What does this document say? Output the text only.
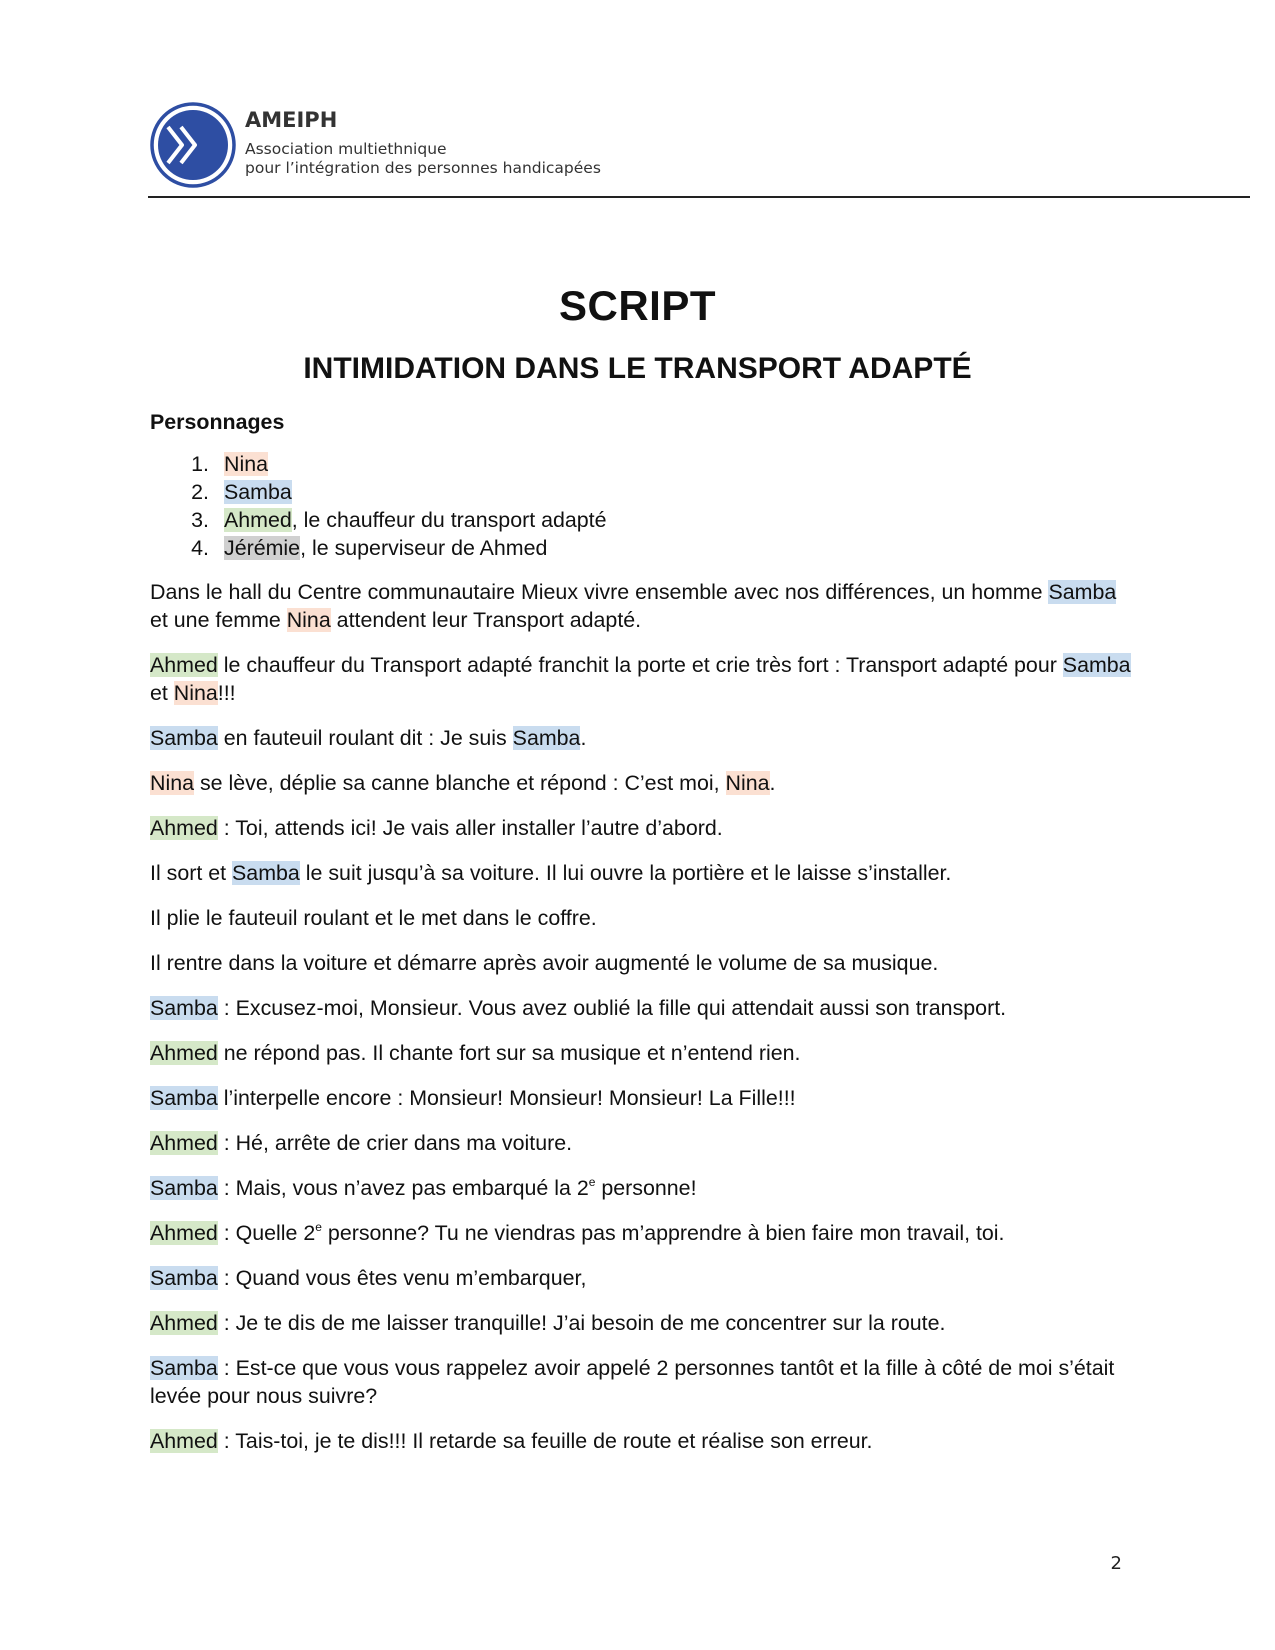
AMEIPH
Association multiethnique
pour l’intégration des personnes handicapées
SCRIPT
INTIMIDATION DANS LE TRANSPORT ADAPTÉ
Personnages
1. Nina
2. Samba
3. Ahmed, le chauffeur du transport adapté
4. Jérémie, le superviseur de Ahmed

Dans le hall du Centre communautaire Mieux vivre ensemble avec nos différences, un homme Samba et une femme Nina attendent leur Transport adapté.

Ahmed le chauffeur du Transport adapté franchit la porte et crie très fort : Transport adapté pour Samba et Nina!!!

Samba en fauteuil roulant dit : Je suis Samba.

Nina se lève, déplie sa canne blanche et répond : C’est moi, Nina.

Ahmed : Toi, attends ici! Je vais aller installer l’autre d’abord.

Il sort et Samba le suit jusqu’à sa voiture. Il lui ouvre la portière et le laisse s’installer.

Il plie le fauteuil roulant et le met dans le coffre.

Il rentre dans la voiture et démarre après avoir augmenté le volume de sa musique.

Samba : Excusez-moi, Monsieur. Vous avez oublié la fille qui attendait aussi son transport.

Ahmed ne répond pas. Il chante fort sur sa musique et n’entend rien.

Samba l’interpelle encore : Monsieur! Monsieur! Monsieur! La Fille!!!

Ahmed : Hé, arrête de crier dans ma voiture.

Samba : Mais, vous n’avez pas embarqué la 2e personne!

Ahmed : Quelle 2e personne? Tu ne viendras pas m’apprendre à bien faire mon travail, toi.

Samba : Quand vous êtes venu m’embarquer,

Ahmed : Je te dis de me laisser tranquille! J’ai besoin de me concentrer sur la route.

Samba : Est-ce que vous vous rappelez avoir appelé 2 personnes tantôt et la fille à côté de moi s’était levée pour nous suivre?

Ahmed : Tais-toi, je te dis!!! Il retarde sa feuille de route et réalise son erreur.

2
